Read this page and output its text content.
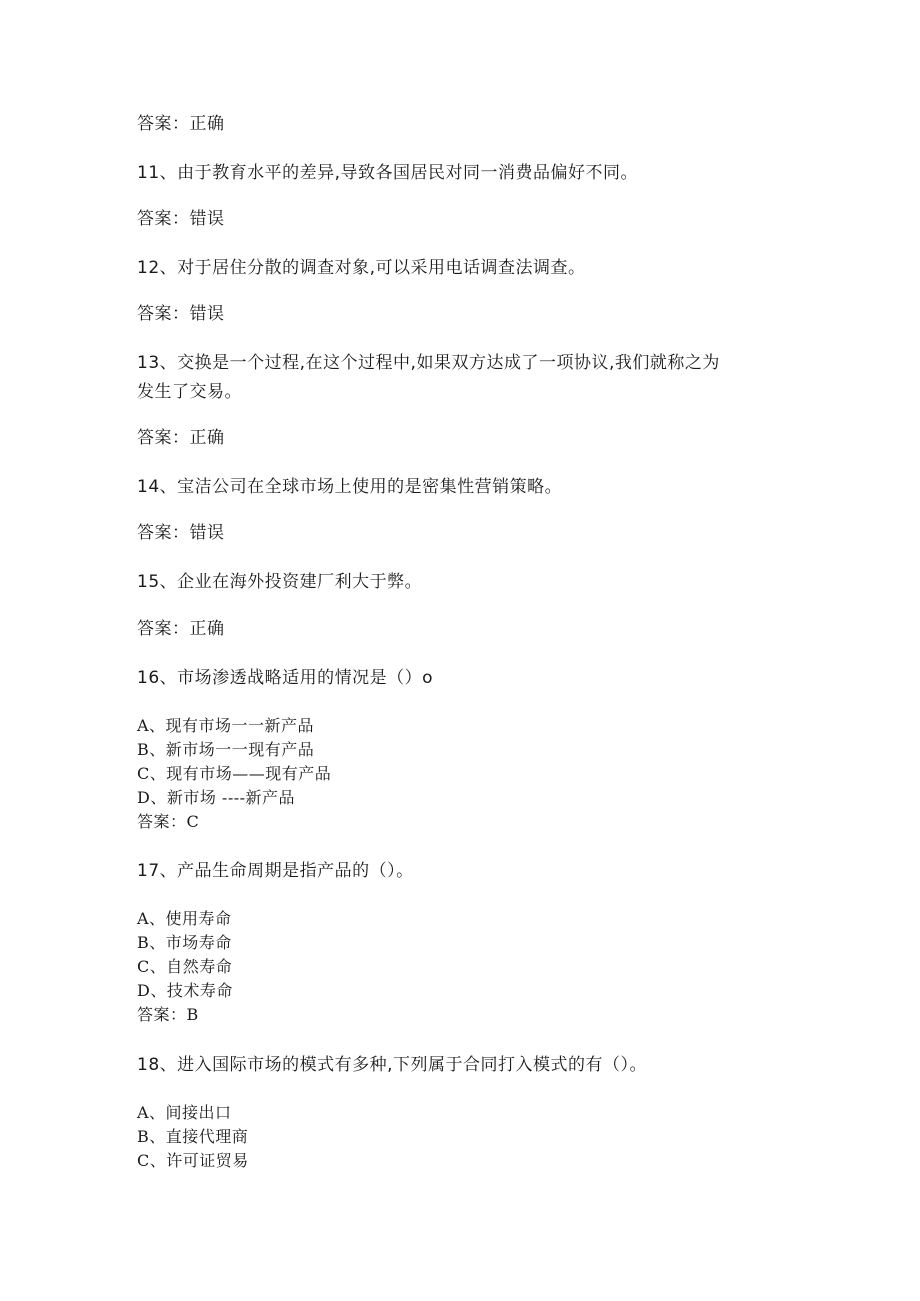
答案：正确
11、由于教育水平的差异,导致各国居民对同一消费品偏好不同。
答案：错误
12、对于居住分散的调查对象,可以采用电话调查法调查。
答案：错误
13、交换是一个过程,在这个过程中,如果双方达成了一项协议,我们就称之为
发生了交易。
答案：正确
14、宝洁公司在全球市场上使用的是密集性营销策略。
答案：错误
15、企业在海外投资建厂利大于弊。
答案：正确
16、市场渗透战略适用的情况是（）o
A、现有市场一一新产品
B、新市场一一现有产品
C、现有市场——现有产品
D、新市场 ----新产品
答案：C
17、产品生命周期是指产品的（）。
A、使用寿命
B、市场寿命
C、自然寿命
D、技术寿命
答案：B
18、进入国际市场的模式有多种,下列属于合同打入模式的有（）。
A、间接出口
B、直接代理商
C、许可证贸易
